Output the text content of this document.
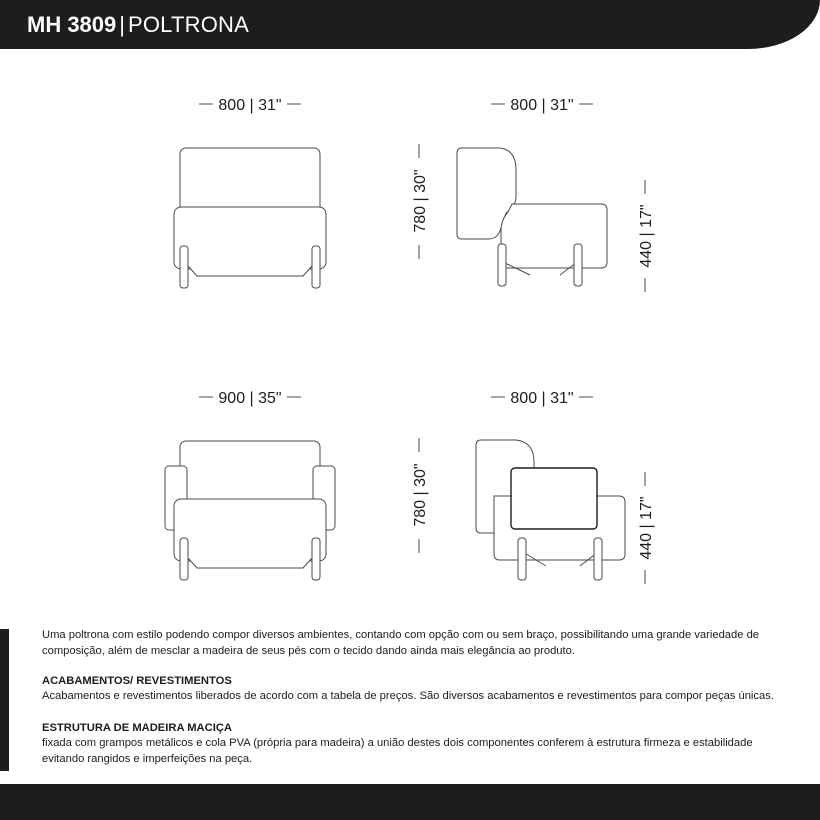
MH 3809 | POLTRONA
800 | 31"	800 | 31"
780 | 30"
440 | 17"
900 | 35"	800 | 31"
780 | 30"
440 | 17"

Uma poltrona com estilo podendo compor diversos ambientes, contando com opção com ou sem braço, possibilitando uma grande variedade de composição, além de mesclar a madeira de seus pés com o tecido dando ainda mais elegância ao produto.

ACABAMENTOS/ REVESTIMENTOS

Acabamentos e revestimentos liberados de acordo com a tabela de preços. São diversos acabamentos e revestimentos para compor peças únicas.

ESTRUTURA DE MADEIRA MACIÇA

fixada com grampos metálicos e cola PVA (própria para madeira) a união destes dois componentes conferem à estrutura firmeza e estabilidade evitando rangidos e imperfeições na peça.
